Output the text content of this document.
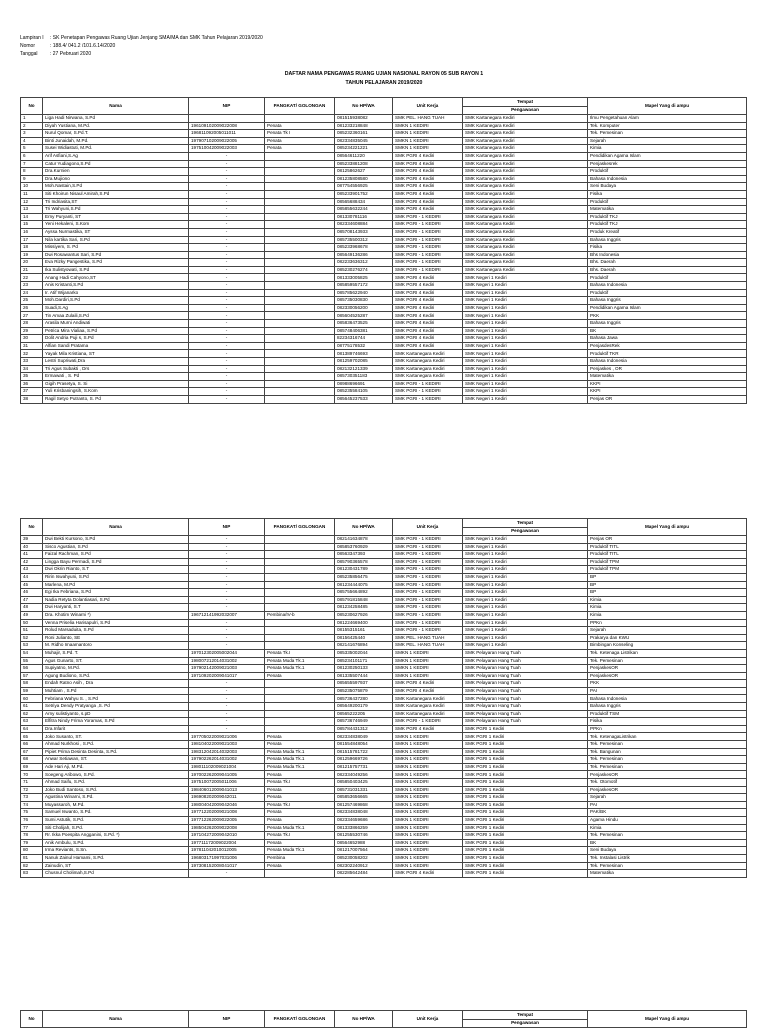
Lampiran I	: SK Penetapan Pengawas Ruang Ujian Jenjang SMA/MA dan SMK Tahun Pelajaran 2019/2020
Nomor	: 188.4/ 041.2 /101.6.14/2020
Tanggal	: 27 Pebruari 2020
DAFTAR NAMA PENGAWAS RUANG UJIAN NASIONAL RAYON 05 SUB RAYON 1
TAHUN PELAJARAN 2019/2020
No	Nama	NIP	PANGKAT/ GOLONGAN	No HP/WA	Unit Kerja	Tempat	Mapel Yang di ampu
						Pengawasan	
1	Liga Hadi Nirwana, S.Pd			081515938082	SMK PEL. HANG TUAH	SMK Kartanegara Kediri	Ilmu Pengetahuan Alam
2	Diyah Yustiana, M.Pd.	196109102009022008	Penata	081233218848	SMKN 1 KEDIRI	SMK Kartanegara Kediri	Tek. Komputer
3	Nurul Qomar, S.Pd.T.	196811092005011011	Penata Tk I	085232360161	SMKN 1 KEDIRI	SMK Kartanegara Kediri	Tek. Pemesinan
4	Binti Junaidah, M.Pd.	197907102009022005	Penata	082334835045	SMKN 1 KEDIRI	SMK Kartanegara Kediri	Sejarah
5	Susei Widiastuti, M.Pd.	197510042009022003	Penata	085234221221	SMKN 1 KEDIRI	SMK Kartanegara Kediri	Kimia
6	Arif Asfiani,S.Ag	-		08564611220	SMK PGRI 4 Kediri	SMK Kartanegara Kediri	Pendidikan Agama Islam
7	Catur Yudiagono,S.Pd	-		085233881208	SMK PGRI 4 Kediri	SMK Kartanegara Kediri	Penjaskesrek
8	Dra.Kurnien	-		08125862627	SMK PGRI 4 Kediri	SMK Kartanegara Kediri	Produktif
9	Dra.Mujiono	-		081235808580	SMK PGRI 4 Kediri	SMK Kartanegara Kediri	Bahasa Indonesia
10	Moh.Nastain,S.Pd	-		08775455​6925	SMK PGRI 4 Kediri	SMK Kartanegara Kediri	Seni Budaya
11	Siti Khoirun Nisaul Amirah,S.Pd	-		085233901752	SMK PGRI 4 Kediri	SMK Kartanegara Kediri	Fisika
12	Tri Indriasita,ST	-		08565688434	SMK PGRI 4 Kediri	SMK Kartanegara Kediri	Produktif
13	Tri Wahyuni,S.Pd	-		085855632244	SMK PGRI 4 Kediri	SMK Kartanegara Kediri	Matematika
14	Erny Puryanti, ST	-		081330781116	SMK PGRI - 1 KEDIRI	SMK Kartanegara Kediri	Produktif TKJ
15	Yeni Hekaleni, S.Kom	-		082334608884	SMK PGRI - 1 KEDIRI	SMK Kartanegara Kediri	Produktif TKJ
16	Ayssa Nurmastika, ST	-		085708143933	SMK PGRI - 1 KEDIRI	SMK Kartanegara Kediri	Produk Kreatif
17	Nila kartika Sari, S.Pd	-		085735500312	SMK PGRI - 1 KEDIRI	SMK Kartanegara Kediri	Bahasa Inggris
18	Missiyem, S. Pd	-		085233968678	SMK PGRI - 1 KEDIRI	SMK Kartanegara Kediri	Fisika
19	Dwi Rosawantus Sari, S.Pd	-		085649136286	SMK PGRI - 1 KEDIRI	SMK Kartanegara Kediri	Bhs Indonesia
20	Eva Rizky Pangestika, S.Pd	-		082233636312	SMK PGRI - 1 KEDIRI	SMK Kartanegara Kediri	Bhs. Daerah
21	Ika Sulistyowati, S.Pd	-		085230276274	SMK PGRI - 1 KEDIRI	SMK Kartanegara Kediri	Bhs. Daerah
22	Anang Hadi Cahyono,ST	-		081333005825	SMK PGRI 4 Kediri	SMK Negeri 1 Kediri	Produktif
23	Anis Kristanti,S.Pd	-		085859557172	SMK PGRI 4 Kediri	SMK Negeri 1 Kediri	Bahasa Indonesia
24	Ir. Atif Wijanarko	-		085785622940	SMK PGRI 4 Kediri	SMK Negeri 1 Kediri	Produktif
25	Moh.Dardiri,S.Pd	-		085735030830	SMK PGRI 4 Kediri	SMK Negeri 1 Kediri	Bahasa Inggris
26	Suadi,S.Ag	-		082330056200	SMK PGRI 4 Kediri	SMK Negeri 1 Kediri	Pendidikan Agama Islam
27	Tin Amaa Zulaili,S.Pd	-		085604525287	SMK PGRI 4 Kediri	SMK Negeri 1 Kediri	PKK
28	Arasila Murni Andiwati	-		085836473525	SMK PGRI 4 Kediri	SMK Negeri 1 Kediri	Bahasa Inggris
29	Petrica Mira Vialiaa, S.Pd	-		085748406381	SMK PGRI 4 Kediri	SMK Negeri 1 Kediri	BK
30	Dolit Andria Puji s, S.Pd	-		82234316744	SMK PGRI 4 Kediri	SMK Negeri 1 Kediri	Bahasa Jawa
31	Alfian Sandi Pratama	-		08775178532	SMK PGRI 4 Kediri	SMK Negeri 1 Kediri	PenjasdesRek
32	Yayak Mila Kristiana, ST	-		081389746693	SMK Kartanegara Kediri	SMK Negeri 1 Kediri	Produktif TKR
33	Lestri Supriwati,Dra	-		081259702085	SMK Kartanegara Kediri	SMK Negeri 1 Kediri	Bahasa Indonesia
34	Tri Agus Subakti , Drs	-		082132121339	SMK Kartanegara Kediri	SMK Negeri 1 Kediri	Penjaskes , OR
35	Ermawati , S. Pd	-		085730351183	SMK Kartanegara Kediri	SMK Negeri 1 Kediri	Matematika
36	Gigih Prasetya, S. Si	-		08988696691	SMK PGRI - 1 KEDIRI	SMK Negeri 1 Kediri	KKPI
37	Yuli Krisbaningsih, S.Kom	-		085235584105	SMK PGRI - 1 KEDIRI	SMK Negeri 1 Kediri	KKPI
38	Ragil Setyo Putranto, S. Pd	-		085645237533	SMK PGRI - 1 KEDIRI	SMK Negeri 1 Kediri	Penjas OR
No	Nama	NIP	PANGKAT/ GOLONGAN	No HP/WA	Unit Kerja	Tempat	Mapel Yang di ampu
						Pengawasan	
39	Dwi Bekti Kursono, S.Pd	-		082141634878	SMK PGRI - 1 KEDIRI	SMK Negeri 1 Kediri	Penjas OR
40	Sisco Agustian, S.Pd	-		085853760929	SMK PGRI - 1 KEDIRI	SMK Negeri 1 Kediri	Produktif TITL
41	Faizal Rachman, S.Pd	-		08563347393	SMK PGRI - 1 KEDIRI	SMK Negeri 1 Kediri	Produktif TITL
42	Lingga Bayu Permadi, S.Pd	-		085790365578	SMK PGRI - 1 KEDIRI	SMK Negeri 1 Kediri	Produktif TPM
43	Dwi Okrin Rianto, S.T	-		081230431789	SMK PGRI - 1 KEDIRI	SMK Negeri 1 Kediri	Produktif TPM
44	Ririn Iswahyuni, S.Pd	-		085235856475	SMK PGRI - 1 KEDIRI	SMK Negeri 1 Kediri	BP
45	Marlena, M.Pd	-		081234444075	SMK PGRI - 1 KEDIRI	SMK Negeri 1 Kediri	BP
46	Egi Ika Febriana, S.Pd	-		085755664892	SMK PGRI - 1 KEDIRI	SMK Negeri 1 Kediri	BP
47	Nadia Retyta Dolantiasari, S.Pd	-		085791815848	SMK PGRI - 1 KEDIRI	SMK Negeri 1 Kediri	Kimia
48	Dwi Haryanti, S.T	-		081234258485	SMK PGRI - 1 KEDIRI	SMK Negeri 1 Kediri	Kimia
49	Dra. Khotim Winarni *)	196712141992032007	Pembina/IV-b	085230627926	SMK PGRI - 1 KEDIRI	SMK Negeri 1 Kediri	Kimia
50	Venna Priselia Harisapulri, S.Pd	-		081224669400	SMK PGRI - 1 KEDIRI	SMK Negeri 1 Kediri	PPKn
51	Rolud Marsaduita, S.Pd	-		08155315161	SMK PGRI - 1 KEDIRI	SMK Negeri 1 Kediri	Sejarah
52	Roni Julianto, SE	-		08156425440	SMK PEL. HANG TUAH	SMK Negeri 1 Kediri	Prakarya dan KWU
53	M. Ridho Imaamantoro	-		082141676894	SMK PEL. HANG TUAH	SMK Negeri 1 Kediri	Bimbingan Konseling
54	Muhajir, S.Pd. T.	197012302005002044	Penata Tk.I	085335002044	SMKN 1 KEDIRI	SMK Pelayaran Hang Tuah	Tek. Ketenaga Listrikan
55	Agus Gunarto, ST.	198007212014031002	Penata Muda Tk.1	085234101171	SMKN 1 KEDIRI	SMK Pelayaran Hang Tuah	Tek. Pemesinan
56	Supiyatno, M.Pd.	197902142009021003	Penata Muda Tk.1	081230250133	SMKN 1 KEDIRI	SMK Pelayaran Hang Tuah	PenjaskesOR
57	Agung Budiono, S.Pd.	197109202009041017	Penata	081335507444	SMKN 1 KEDIRI	SMK Pelayaran Hang Tuah	PenjaskesOR
58	Endah Ratno Asih , Dra	-		085655597937	SMK PGRI 4 Kediri	SMK Pelayaran Hang Tuah	PKK
59	Muhtiam , S.Pd	-		085235075879	SMK PGRI 4 Kediri	SMK Pelayaran Hang Tuah	PAI
60	Febriana Wahyu S. , S.Pd	-		085736437280	SMK Kartanegara Kediri	SMK Pelayaran Hang Tuah	Bahasa Indonesia
61	Setriya Dendy Pratyanga ,S. Pd	-		085649200179	SMK Kartanegara Kediri	SMK Pelayaran Hang Tuah	Bahasa Inggris
62	Arny sulistiyanto, s.pD	-		08565222205	SMK Kartanegara Kediri	SMK Pelayaran Hang Tuah	Produktif TSM
63	Elfitra Nindy Frima Yoramas, S.Pd	-		085736746949	SMK PGRI - 1 KEDIRI	SMK Pelayaran Hang Tuah	Fisika
64	Dra.Infarit	-		085784431312	SMK PGRI 4 Kediri	SMK PGRI 1 Kediri	PPKn
65	Joko Susanto, ST.	197705022009021006	Penata	082334838049	SMKN 1 KEDIRI	SMK PGRI 1 Kediri	Tek. KetenagaListrikan
66	Ahmad Nurkhosi , S.Pd.	198104022009021003	Penata	08155484​8054	SMKN 1 KEDIRI	SMK PGRI 1 Kediri	Tek. Pemesinan
67	Pipiet Prima Desinta Desinta, S.Pd.	198312042014032003	Penata Muda Tk.1	081515781722	SMKN 1 KEDIRI	SMK PGRI 1 Kediri	Tek. Bangunan
68	Anwar Setiawan, ST.	197902262014031002	Penata Muda Tk.1	081259669726	SMKN 1 KEDIRI	SMK PGRI 1 Kediri	Tek. Pemesinan
69	Ade Hari Aji, M.Pd.	198011102009021004	Penata Muda Tk.1	081215757731	SMKN 1 KEDIRI	SMK PGRI 1 Kediri	Tek. Pemesinan
70	Soegeng Aribowo, S.Pd.	197002262009041005	Penata	082334049256	SMKN 1 KEDIRI	SMK PGRI 1 Kediri	PenjaskesOR
71	Ahmad Saifu, S.Pd.	197510072005011006	Penata Tk.I	085850403425	SMKN 1 KEDIRI	SMK PGRI 1 Kediri	Tek. Otomotif
72	Joko Budi Santoso, S.Pd.	198406012009041013	Penata	085731031331	SMKN 1 KEDIRI	SMK PGRI 1 Kediri	PenjaskesOR
73	Agustina Winarni, S.Pd.	196908202009042011	Penata	085853656665	SMKN 1 KEDIRI	SMK PGRI 1 Kediri	Sejarah
74	Muyassaroh, M.Pd.	198004042009042046	Penata Tk.I	081257469868	SMKN 1 KEDIRI	SMK PGRI 1 Kediri	PAI
75	Samuel Iswanto, S.Pd.	197712202009021008	Penata	082334838048	SMKN 1 KEDIRI	SMK PGRI 1 Kediri	PAK/BK
76	Sumi Astutik, S.Pd.	197712262009022005	Penata	082334659686	SMKN 1 KEDIRI	SMK PGRI 1 Kediri	Agama Hindu
77	Siti Cholijah, S.Pd.	198504262009022008	Penata Muda Tk.1	081333866259	SMKN 1 KEDIRI	SMK PGRI 1 Kediri	Kimia
78	Rr. Ikka Poespita Angganini, S.Pd. *)	197104272009042010	Penata Tk.I	081255530746	SMKN 1 KEDIRI	SMK PGRI 1 Kediri	Tek. Pemesinan
79	Anik Ambulu, S.Pd.	197711172009022004	Penata	08564652988	SMKN 1 KEDIRI	SMK PGRI 1 Kediri	BK
80	Irma Reviants, S.Sn.	197811042010012005	Penata Muda Tk.1	081217007564	SMKN 1 KEDIRI	SMK PGRI 1 Kediri	Seni Budaya
81	Nanuk Zainul Hamami, S.Pd.	196803171997031006	Pembina	085230058202	SMKN 1 KEDIRI	SMK PGRI 1 Kediri	Tek. Instalasi Listrik
82	Zainudin, ST	197308152008041017	Penata	082302240912	SMKN 1 KEDIRI	SMK PGRI 1 Kediri	Tek. Pemesinan
83	Chusnul Cholimah,S.Pd	-		082285642484	SMK PGRI 4 Kediri	SMK PGRI 1 Kediri	Matematika
No	Nama	NIP	PANGKAT/ GOLONGAN	No HP/WA	Unit Kerja	Tempat	Mapel Yang di ampu
Pengawasan
